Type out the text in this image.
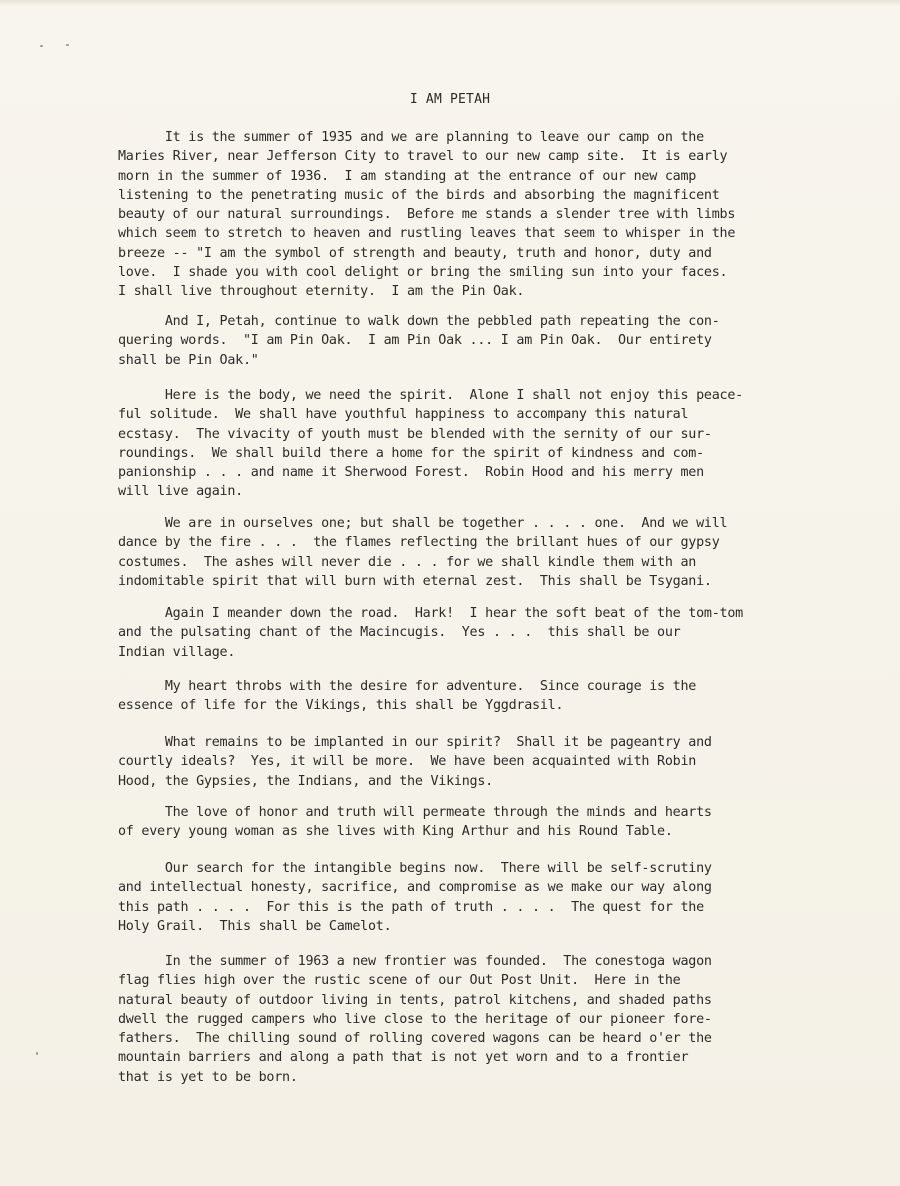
I AM PETAH
It is the summer of 1935 and we are planning to leave our camp on the
Maries River, near Jefferson City to travel to our new camp site.  It is early
morn in the summer of 1936.  I am standing at the entrance of our new camp
listening to the penetrating music of the birds and absorbing the magnificent
beauty of our natural surroundings.  Before me stands a slender tree with limbs
which seem to stretch to heaven and rustling leaves that seem to whisper in the
breeze -- "I am the symbol of strength and beauty, truth and honor, duty and
love.  I shade you with cool delight or bring the smiling sun into your faces.
I shall live throughout eternity.  I am the Pin Oak.
And I, Petah, continue to walk down the pebbled path repeating the con-
quering words.  "I am Pin Oak.  I am Pin Oak ... I am Pin Oak.  Our entirety
shall be Pin Oak."
Here is the body, we need the spirit.  Alone I shall not enjoy this peace-
ful solitude.  We shall have youthful happiness to accompany this natural
ecstasy.  The vivacity of youth must be blended with the sernity of our sur-
roundings.  We shall build there a home for the spirit of kindness and com-
panionship . . . and name it Sherwood Forest.  Robin Hood and his merry men
will live again.
We are in ourselves one; but shall be together . . . . one.  And we will
dance by the fire . . .  the flames reflecting the brillant hues of our gypsy
costumes.  The ashes will never die . . . for we shall kindle them with an
indomitable spirit that will burn with eternal zest.  This shall be Tsygani.
Again I meander down the road.  Hark!  I hear the soft beat of the tom-tom
and the pulsating chant of the Macincugis.  Yes . . .  this shall be our
Indian village.
My heart throbs with the desire for adventure.  Since courage is the
essence of life for the Vikings, this shall be Yggdrasil.
What remains to be implanted in our spirit?  Shall it be pageantry and
courtly ideals?  Yes, it will be more.  We have been acquainted with Robin
Hood, the Gypsies, the Indians, and the Vikings.
The love of honor and truth will permeate through the minds and hearts
of every young woman as she lives with King Arthur and his Round Table.
Our search for the intangible begins now.  There will be self-scrutiny
and intellectual honesty, sacrifice, and compromise as we make our way along
this path . . . .  For this is the path of truth . . . .  The quest for the
Holy Grail.  This shall be Camelot.
In the summer of 1963 a new frontier was founded.  The conestoga wagon
flag flies high over the rustic scene of our Out Post Unit.  Here in the
natural beauty of outdoor living in tents, patrol kitchens, and shaded paths
dwell the rugged campers who live close to the heritage of our pioneer fore-
fathers.  The chilling sound of rolling covered wagons can be heard o'er the
mountain barriers and along a path that is not yet worn and to a frontier
that is yet to be born.
